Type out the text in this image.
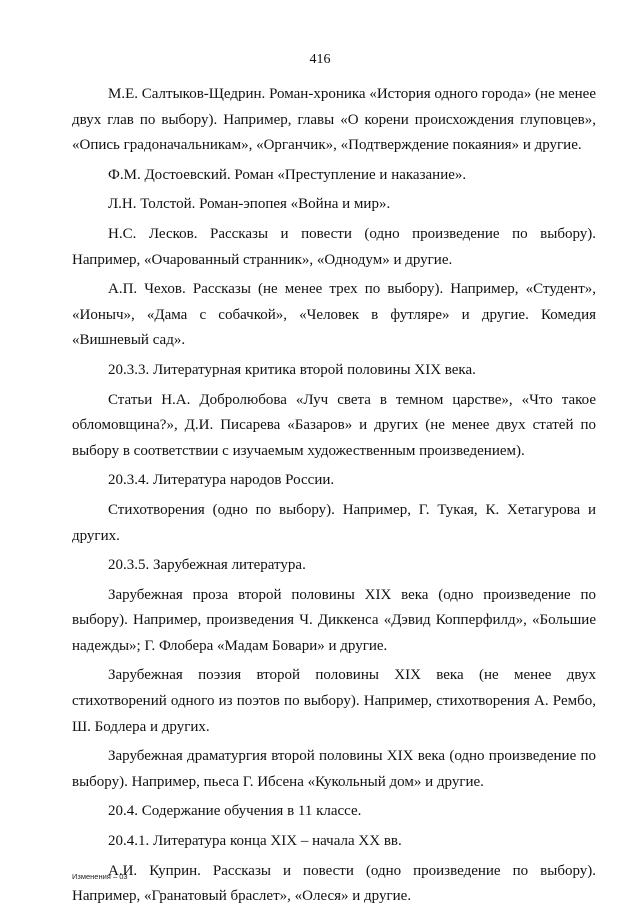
416

М.Е. Салтыков-Щедрин. Роман-хроника «История одного города» (не менее двух глав по выбору). Например, главы «О корени происхождения глуповцев», «Опись градоначальникам», «Органчик», «Подтверждение покаяния» и другие.

Ф.М. Достоевский. Роман «Преступление и наказание».

Л.Н. Толстой. Роман-эпопея «Война и мир».

Н.С. Лесков. Рассказы и повести (одно произведение по выбору). Например, «Очарованный странник», «Однодум» и другие.

А.П. Чехов. Рассказы (не менее трех по выбору). Например, «Студент», «Ионыч», «Дама с собачкой», «Человек в футляре» и другие. Комедия «Вишневый сад».

20.3.3. Литературная критика второй половины XIX века.

Статьи Н.А. Добролюбова «Луч света в темном царстве», «Что такое обломовщина?», Д.И. Писарева «Базаров» и других (не менее двух статей по выбору в соответствии с изучаемым художественным произведением).

20.3.4. Литература народов России.

Стихотворения (одно по выбору). Например, Г. Тукая, К. Хетагурова и других.

20.3.5. Зарубежная литература.

Зарубежная проза второй половины XIX века (одно произведение по выбору). Например, произведения Ч. Диккенса «Дэвид Копперфилд», «Большие надежды»; Г. Флобера «Мадам Бовари» и другие.

Зарубежная поэзия второй половины XIX века (не менее двух стихотворений одного из поэтов по выбору). Например, стихотворения А. Рембо, Ш. Бодлера и других.

Зарубежная драматургия второй половины XIX века (одно произведение по выбору). Например, пьеса Г. Ибсена «Кукольный дом» и другие.

20.4. Содержание обучения в 11 классе.

20.4.1. Литература конца XIX – начала XX вв.

А.И. Куприн. Рассказы и повести (одно произведение по выбору). Например, «Гранатовый браслет», «Олеся» и другие.

Изменения – 03
